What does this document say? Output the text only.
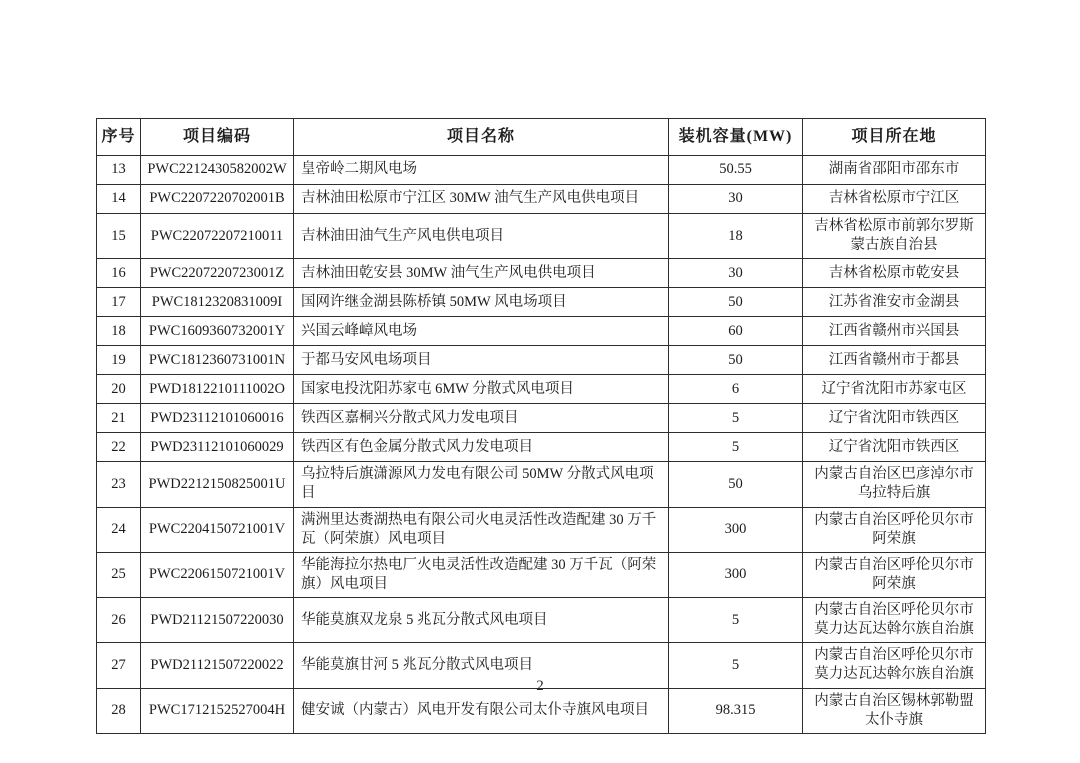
序号	项目编码	项目名称	装机容量(MW)	项目所在地
13	PWC2212430582002W	皇帝岭二期风电场	50.55	湖南省邵阳市邵东市
14	PWC2207220702001B	吉林油田松原市宁江区 30MW 油气生产风电供电项目	30	吉林省松原市宁江区
15	PWC22072207210011	吉林油田油气生产风电供电项目	18	吉林省松原市前郭尔罗斯蒙古族自治县
16	PWC2207220723001Z	吉林油田乾安县 30MW 油气生产风电供电项目	30	吉林省松原市乾安县
17	PWC1812320831009I	国网许继金湖县陈桥镇 50MW 风电场项目	50	江苏省淮安市金湖县
18	PWC1609360732001Y	兴国云峰嶂风电场	60	江西省赣州市兴国县
19	PWC1812360731001N	于都马安风电场项目	50	江西省赣州市于都县
20	PWD1812210111002O	国家电投沈阳苏家屯 6MW 分散式风电项目	6	辽宁省沈阳市苏家屯区
21	PWD23112101060016	铁西区嘉桐兴分散式风力发电项目	5	辽宁省沈阳市铁西区
22	PWD23112101060029	铁西区有色金属分散式风力发电项目	5	辽宁省沈阳市铁西区
23	PWD2212150825001U	乌拉特后旗潇源风力发电有限公司 50MW 分散式风电项目	50	内蒙古自治区巴彦淖尔市乌拉特后旗
24	PWC2204150721001V	满洲里达赉湖热电有限公司火电灵活性改造配建 30 万千瓦（阿荣旗）风电项目	300	内蒙古自治区呼伦贝尔市阿荣旗
25	PWC2206150721001V	华能海拉尔热电厂火电灵活性改造配建 30 万千瓦（阿荣旗）风电项目	300	内蒙古自治区呼伦贝尔市阿荣旗
26	PWD21121507220030	华能莫旗双龙泉 5 兆瓦分散式风电项目	5	内蒙古自治区呼伦贝尔市莫力达瓦达斡尔族自治旗
27	PWD21121507220022	华能莫旗甘河 5 兆瓦分散式风电项目	5	内蒙古自治区呼伦贝尔市莫力达瓦达斡尔族自治旗
28	PWC1712152527004H	健安诚（内蒙古）风电开发有限公司太仆寺旗风电项目	98.315	内蒙古自治区锡林郭勒盟太仆寺旗
2
